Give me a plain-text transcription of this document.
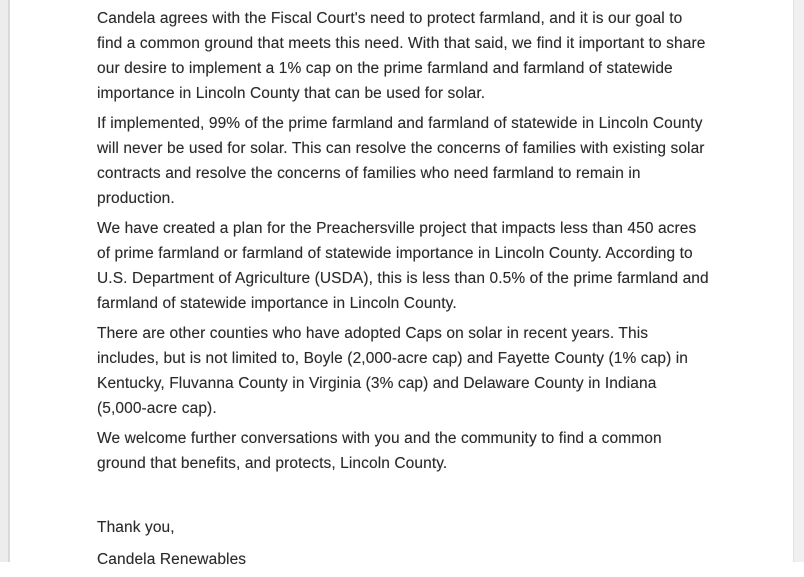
Candela agrees with the Fiscal Court's need to protect farmland, and it is our goal to
find a common ground that meets this need. With that said, we find it important to share
our desire to implement a 1% cap on the prime farmland and farmland of statewide
importance in Lincoln County that can be used for solar.
If implemented, 99% of the prime farmland and farmland of statewide in Lincoln County
will never be used for solar. This can resolve the concerns of families with existing solar
contracts and resolve the concerns of families who need farmland to remain in
production.
We have created a plan for the Preachersville project that impacts less than 450 acres
of prime farmland or farmland of statewide importance in Lincoln County. According to
U.S. Department of Agriculture (USDA), this is less than 0.5% of the prime farmland and
farmland of statewide importance in Lincoln County.
There are other counties who have adopted Caps on solar in recent years. This
includes, but is not limited to, Boyle (2,000-acre cap) and Fayette County (1% cap) in
Kentucky, Fluvanna County in Virginia (3% cap) and Delaware County in Indiana
(5,000-acre cap).
We welcome further conversations with you and the community to find a common
ground that benefits, and protects, Lincoln County.
Thank you,
Candela Renewables
